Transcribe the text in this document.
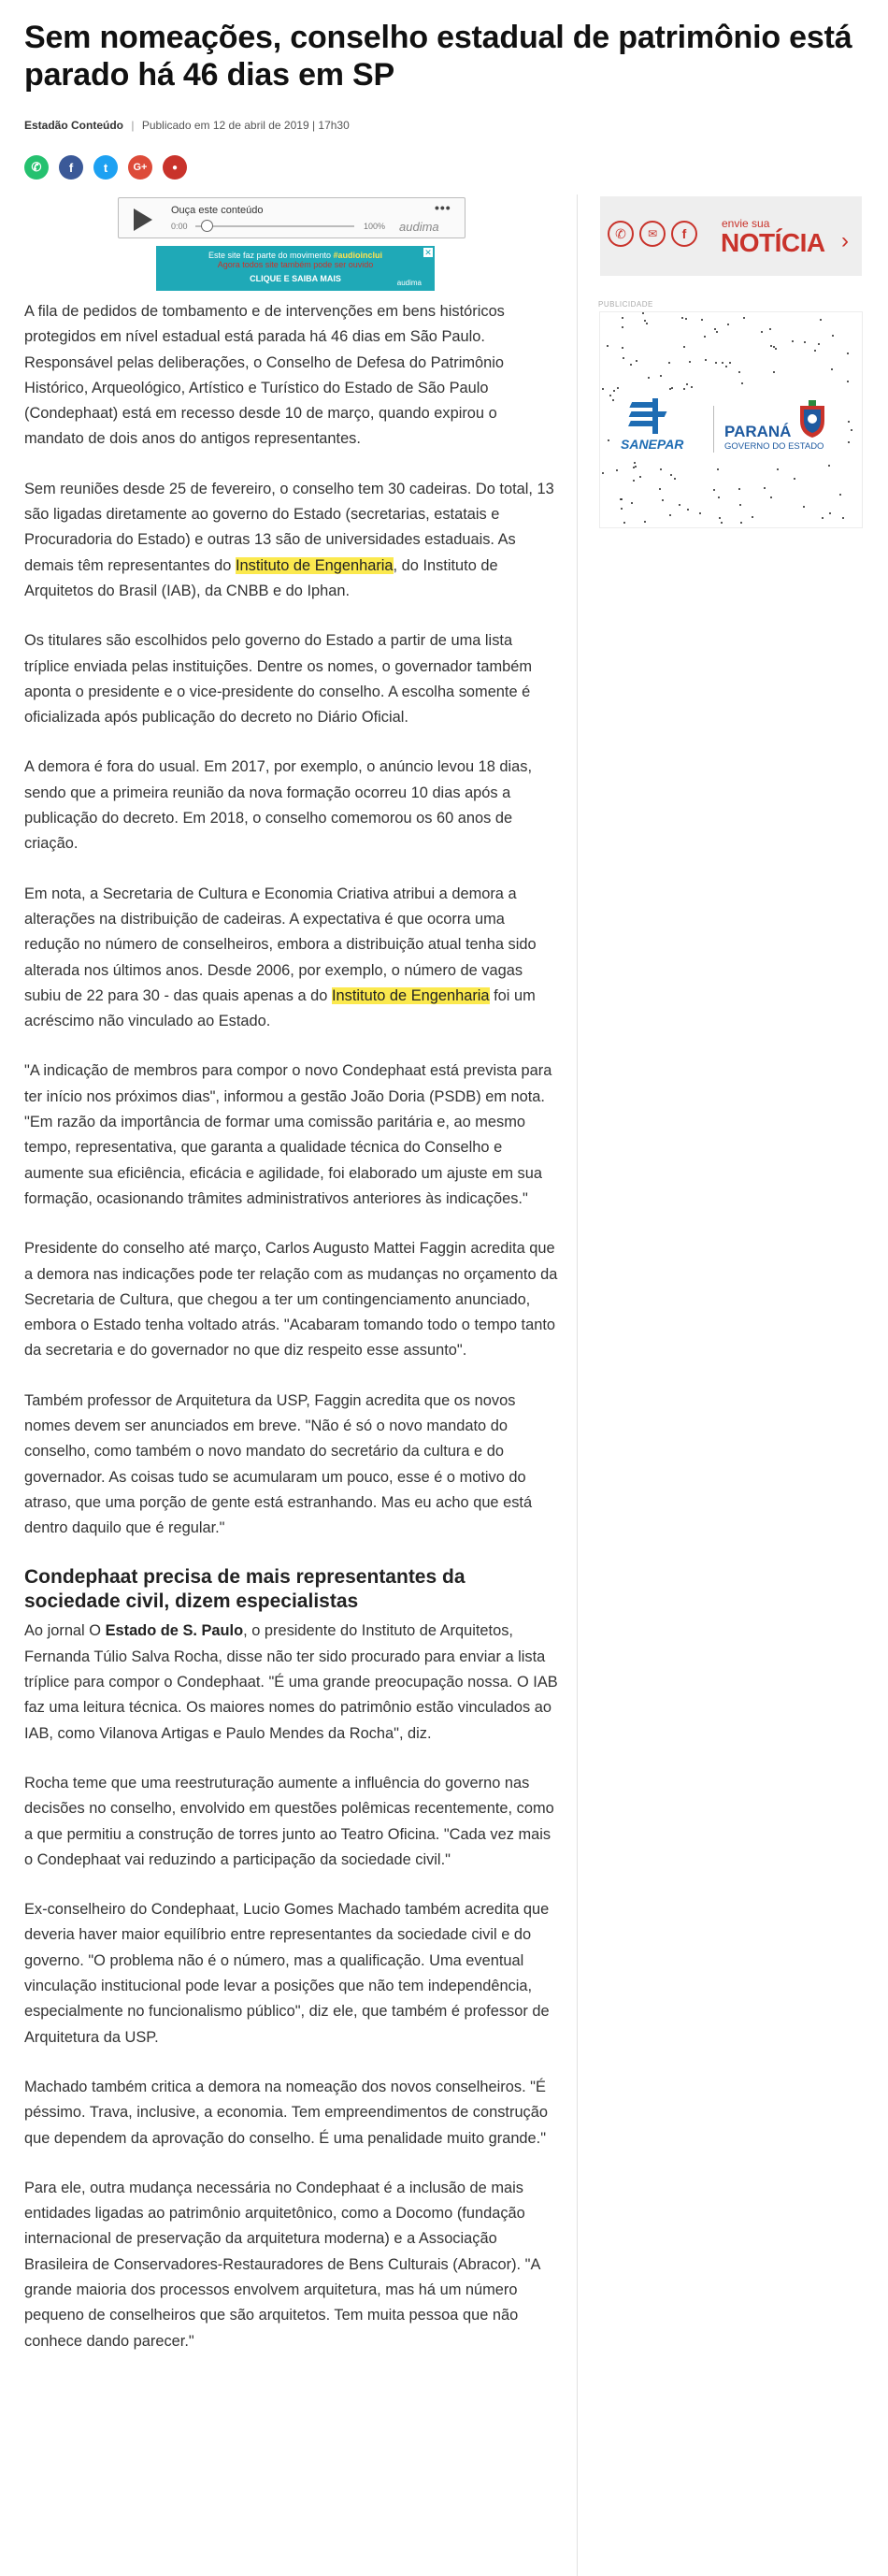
Sem nomeações, conselho estadual de patrimônio está parado há 46 dias em SP
Estadão Conteúdo | Publicado em 12 de abril de 2019 | 17h30
✆	f	t	G+	●
Ouça este conteúdo
0:00	100%
•••
audima
Este site faz parte do movimento #audioinclui
Agora todos site também pode ser ouvido
CLIQUE E SAIBA MAIS	audima
✕

A fila de pedidos de tombamento e de intervenções em bens históricos protegidos em nível estadual está parada há 46 dias em São Paulo. Responsável pelas deliberações, o Conselho de Defesa do Patrimônio Histórico, Arqueológico, Artístico e Turístico do Estado de São Paulo (Condephaat) está em recesso desde 10 de março, quando expirou o mandato de dois anos do antigos representantes.

Sem reuniões desde 25 de fevereiro, o conselho tem 30 cadeiras. Do total, 13 são ligadas diretamente ao governo do Estado (secretarias, estatais e Procuradoria do Estado) e outras 13 são de universidades estaduais. As demais têm representantes do Instituto de Engenharia, do Instituto de Arquitetos do Brasil (IAB), da CNBB e do Iphan.

Os titulares são escolhidos pelo governo do Estado a partir de uma lista tríplice enviada pelas instituições. Dentre os nomes, o governador também aponta o presidente e o vice-presidente do conselho. A escolha somente é oficializada após publicação do decreto no Diário Oficial.

A demora é fora do usual. Em 2017, por exemplo, o anúncio levou 18 dias, sendo que a primeira reunião da nova formação ocorreu 10 dias após a publicação do decreto. Em 2018, o conselho comemorou os 60 anos de criação.

Em nota, a Secretaria de Cultura e Economia Criativa atribui a demora a alterações na distribuição de cadeiras. A expectativa é que ocorra uma redução no número de conselheiros, embora a distribuição atual tenha sido alterada nos últimos anos. Desde 2006, por exemplo, o número de vagas subiu de 22 para 30 - das quais apenas a do Instituto de Engenharia foi um acréscimo não vinculado ao Estado.

"A indicação de membros para compor o novo Condephaat está prevista para ter início nos próximos dias", informou a gestão João Doria (PSDB) em nota. "Em razão da importância de formar uma comissão paritária e, ao mesmo tempo, representativa, que garanta a qualidade técnica do Conselho e aumente sua eficiência, eficácia e agilidade, foi elaborado um ajuste em sua formação, ocasionando trâmites administrativos anteriores às indicações."

Presidente do conselho até março, Carlos Augusto Mattei Faggin acredita que a demora nas indicações pode ter relação com as mudanças no orçamento da Secretaria de Cultura, que chegou a ter um contingenciamento anunciado, embora o Estado tenha voltado atrás. "Acabaram tomando todo o tempo tanto da secretaria e do governador no que diz respeito esse assunto".

Também professor de Arquitetura da USP, Faggin acredita que os novos nomes devem ser anunciados em breve. "Não é só o novo mandato do conselho, como também o novo mandato do secretário da cultura e do governador. As coisas tudo se acumularam um pouco, esse é o motivo do atraso, que uma porção de gente está estranhando. Mas eu acho que está dentro daquilo que é regular."

Condephaat precisa de mais representantes da sociedade civil, dizem especialistas

Ao jornal O Estado de S. Paulo, o presidente do Instituto de Arquitetos, Fernanda Túlio Salva Rocha, disse não ter sido procurado para enviar a lista tríplice para compor o Condephaat. "É uma grande preocupação nossa. O IAB faz uma leitura técnica. Os maiores nomes do patrimônio estão vinculados ao IAB, como Vilanova Artigas e Paulo Mendes da Rocha", diz.

Rocha teme que uma reestruturação aumente a influência do governo nas decisões no conselho, envolvido em questões polêmicas recentemente, como a que permitiu a construção de torres junto ao Teatro Oficina. "Cada vez mais o Condephaat vai reduzindo a participação da sociedade civil."

Ex-conselheiro do Condephaat, Lucio Gomes Machado também acredita que deveria haver maior equilíbrio entre representantes da sociedade civil e do governo. "O problema não é o número, mas a qualificação. Uma eventual vinculação institucional pode levar a posições que não tem independência, especialmente no funcionalismo público", diz ele, que também é professor de Arquitetura da USP.

Machado também critica a demora na nomeação dos novos conselheiros. "É péssimo. Trava, inclusive, a economia. Tem empreendimentos de construção que dependem da aprovação do conselho. É uma penalidade muito grande."

Para ele, outra mudança necessária no Condephaat é a inclusão de mais entidades ligadas ao patrimônio arquitetônico, como a Docomo (fundação internacional de preservação da arquitetura moderna) e a Associação Brasileira de Conservadores-Restauradores de Bens Culturais (Abracor). "A grande maioria dos processos envolvem arquitetura, mas há um número pequeno de conselheiros que são arquitetos. Tem muita pessoa que não conhece dando parecer."

✆	✉	f
envie sua
NOTÍCIA ›
PUBLICIDADE
SANEPAR
PARANÁ
GOVERNO DO ESTADO
